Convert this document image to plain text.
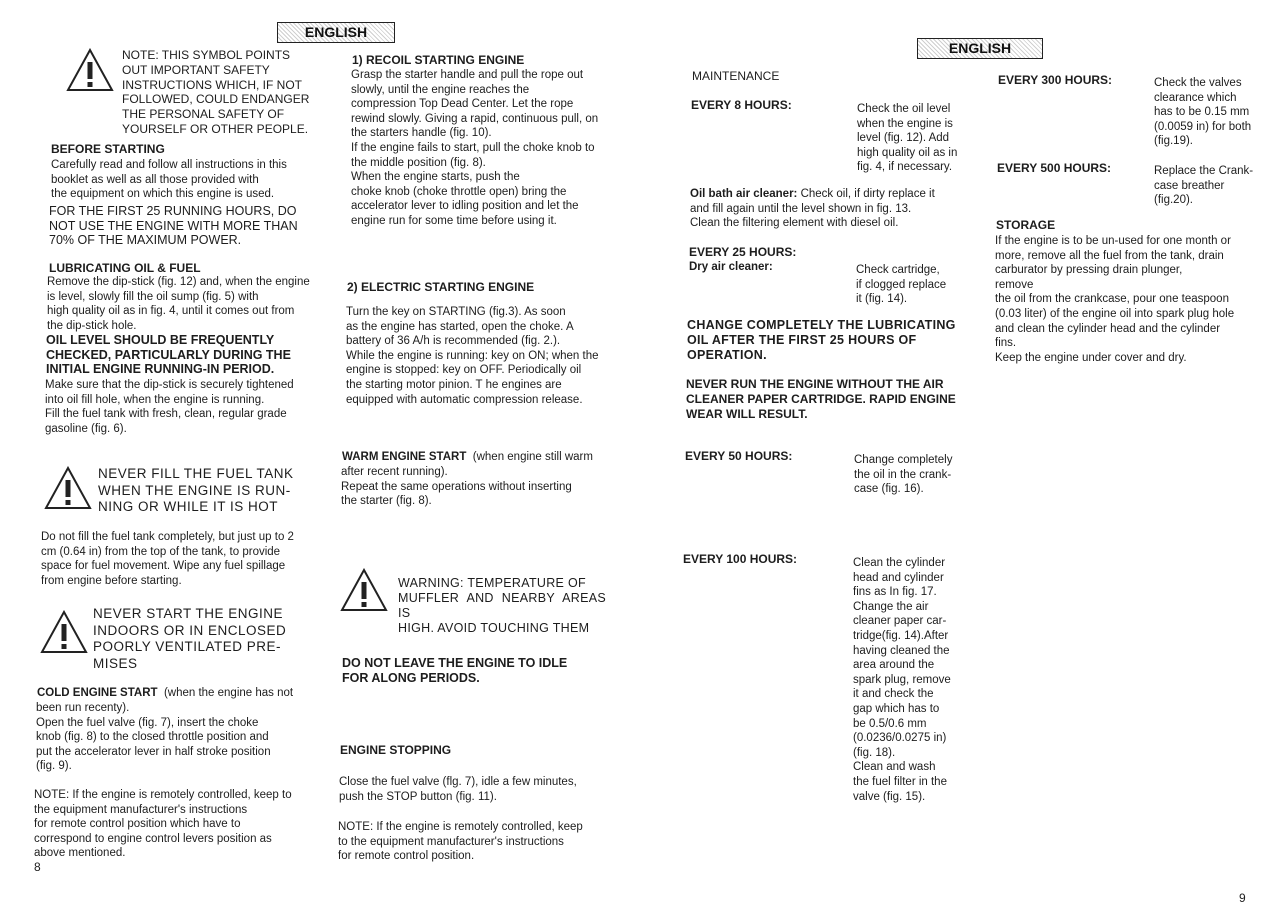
ENGLISH
NOTE: THIS SYMBOL POINTS
OUT IMPORTANT SAFETY
INSTRUCTIONS WHICH, IF NOT
FOLLOWED, COULD ENDANGER
THE PERSONAL SAFETY OF
YOURSELF OR OTHER PEOPLE.
BEFORE STARTING
Carefully read and follow all instructions in this
booklet as well as all those provided with
the equipment on which this engine is used.
FOR THE FIRST 25 RUNNING HOURS, DO
NOT USE THE ENGINE WITH MORE THAN
70% OF THE MAXIMUM POWER.
LUBRICATING OIL & FUEL
Remove the dip-stick (fig. 12) and, when the engine
is level, slowly fill the oil sump (fig. 5) with
high quality oil as in fig. 4, until it comes out from
the dip-stick hole.
OIL LEVEL SHOULD BE FREQUENTLY
CHECKED, PARTICULARLY DURING THE
INITIAL ENGINE RUNNING-IN PERIOD.
Make sure that the dip-stick is securely tightened
into oil fill hole, when the engine is running.
Fill the fuel tank with fresh, clean, regular grade
gasoline (fig. 6).
NEVER FILL THE FUEL TANK
WHEN THE ENGINE IS RUN-
NING OR WHILE IT IS HOT
Do not fill the fuel tank completely, but just up to 2
cm (0.64 in) from the top of the tank, to provide
space for fuel movement. Wipe any fuel spillage
from engine before starting.
NEVER START THE ENGINE
INDOORS OR IN ENCLOSED
POORLY VENTILATED PRE-
MISES
COLD ENGINE START (when the engine has not
been run recenty).
Open the fuel valve (fig. 7), insert the choke
knob (fig. 8) to the closed throttle position and
put the accelerator lever in half stroke position
(fig. 9).
NOTE: If the engine is remotely controlled, keep to
the equipment manufacturer's instructions
for remote control position which have to
correspond to engine control levers position as
above mentioned.
1) RECOIL STARTING ENGINE
Grasp the starter handle and pull the rope out
slowly, until the engine reaches the
compression Top Dead Center. Let the rope
rewind slowly. Giving a rapid, continuous pull, on
the starters handle (fig. 10).
If the engine fails to start, pull the choke knob to
the middle position (fig. 8).
When the engine starts, push the
choke knob (choke throttle open) bring the
accelerator lever to idling position and let the
engine run for some time before using it.
2) ELECTRIC STARTING ENGINE
Turn the key on STARTING (fig.3). As soon
as the engine has started, open the choke. A
battery of 36 A/h is recommended (fig. 2.).
While the engine is running: key on ON; when the
engine is stopped: key on OFF. Periodically oil
the starting motor pinion. T he engines are
equipped with automatic compression release.
WARM ENGINE START (when engine still warm
after recent running).
Repeat the same operations without inserting
the starter (fig. 8).
WARNING: TEMPERATURE OF
MUFFLER AND NEARBY AREAS IS
HIGH. AVOID TOUCHING THEM
DO NOT LEAVE THE ENGINE TO IDLE
FOR ALONG PERIODS.
ENGINE STOPPING
Close the fuel valve (flg. 7), idle a few minutes,
push the STOP button (fig. 11).
NOTE: If the engine is remotely controlled, keep
to the equipment manufacturer's instructions
for remote control position.
8
ENGLISH
MAINTENANCE
EVERY 8 HOURS:	Check the oil level
when the engine is
level (fig. 12). Add
high quality oil as in
fig. 4, if necessary.
Oil bath air cleaner: Check oil, if dirty replace it
and fill again until the level shown in fig. 13.
Clean the filtering element with diesel oil.
EVERY 25 HOURS:
Dry air cleaner:	Check cartridge,
if clogged replace
it (fig. 14).
CHANGE COMPLETELY THE LUBRICATING
OIL AFTER THE FIRST 25 HOURS OF
OPERATION.
NEVER RUN THE ENGINE WITHOUT THE AIR
CLEANER PAPER CARTRIDGE. RAPID ENGINE
WEAR WILL RESULT.
EVERY 50 HOURS:	Change completely
the oil in the crank-
case (fig. 16).
EVERY 100 HOURS:	Clean the cylinder
head and cylinder
fins as In fig. 17.
Change the air
cleaner paper car-
tridge(fig. 14).After
having cleaned the
area around the
spark plug, remove
it and check the
gap which has to
be 0.5/0.6 mm
(0.0236/0.0275 in)
(fig. 18).
Clean and wash
the fuel filter in the
valve (fig. 15).
EVERY 300 HOURS:	Check the valves
clearance which
has to be 0.15 mm
(0.0059 in) for both
(fig.19).
EVERY 500 HOURS:	Replace the Crank-
case breather
(fig.20).
STORAGE
If the engine is to be un-used for one month or
more, remove all the fuel from the tank, drain
carburator by pressing drain plunger,
remove
the oil from the crankcase, pour one teaspoon
(0.03 liter) of the engine oil into spark plug hole
and clean the cylinder head and the cylinder
fins.
Keep the engine under cover and dry.
9
